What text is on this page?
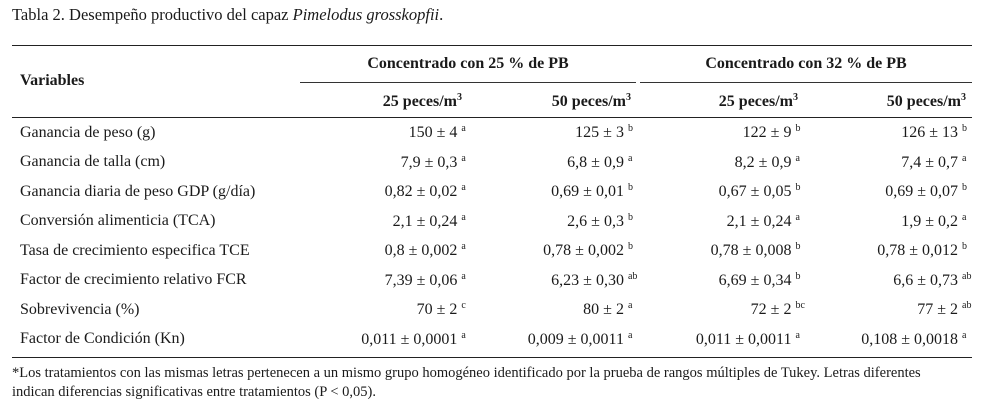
Tabla 2. Desempeño productivo del capaz Pimelodus grosskopfii.
Variables
Concentrado con 25 % de PB	Concentrado con 32 % de PB
25 peces/$m^3$	50 peces/$m^3$	25 peces/$m^3$	50 peces/$m^3$
Ganancia de peso (g)	150 ± 4 a	125 ± 3 b	122 ± 9 b	126 ± 13 b
Ganancia de talla (cm)	7,9 ± 0,3 a	6,8 ± 0,9 a	8,2 ± 0,9 a	7,4 ± 0,7 a
Ganancia diaria de peso GDP (g/día)	0,82 ± 0,02 a	0,69 ± 0,01 b	0,67 ± 0,05 b	0,69 ± 0,07 b
Conversión alimenticia (TCA)	2,1 ± 0,24 a	2,6 ± 0,3 b	2,1 ± 0,24 a	1,9 ± 0,2 a
Tasa de crecimiento especifica TCE	0,8 ± 0,002 a	0,78 ± 0,002 b	0,78 ± 0,008 b	0,78 ± 0,012 b
Factor de crecimiento relativo FCR	7,39 ± 0,06 a	6,23 ± 0,30 ab	6,69 ± 0,34 b	6,6 ± 0,73 ab
Sobrevivencia (%)	70 ± 2 c	80 ± 2 a	72 ± 2 bc	77 ± 2 ab
Factor de Condición (Kn)	0,011 ± 0,0001 a	0,009 ± 0,0011 a	0,011 ± 0,0011 a	0,108 ± 0,0018 a
*Los tratamientos con las mismas letras pertenecen a un mismo grupo homogéneo identificado por la prueba de rangos múltiples de Tukey. Letras diferentes
indican diferencias significativas entre tratamientos (P < 0,05).
